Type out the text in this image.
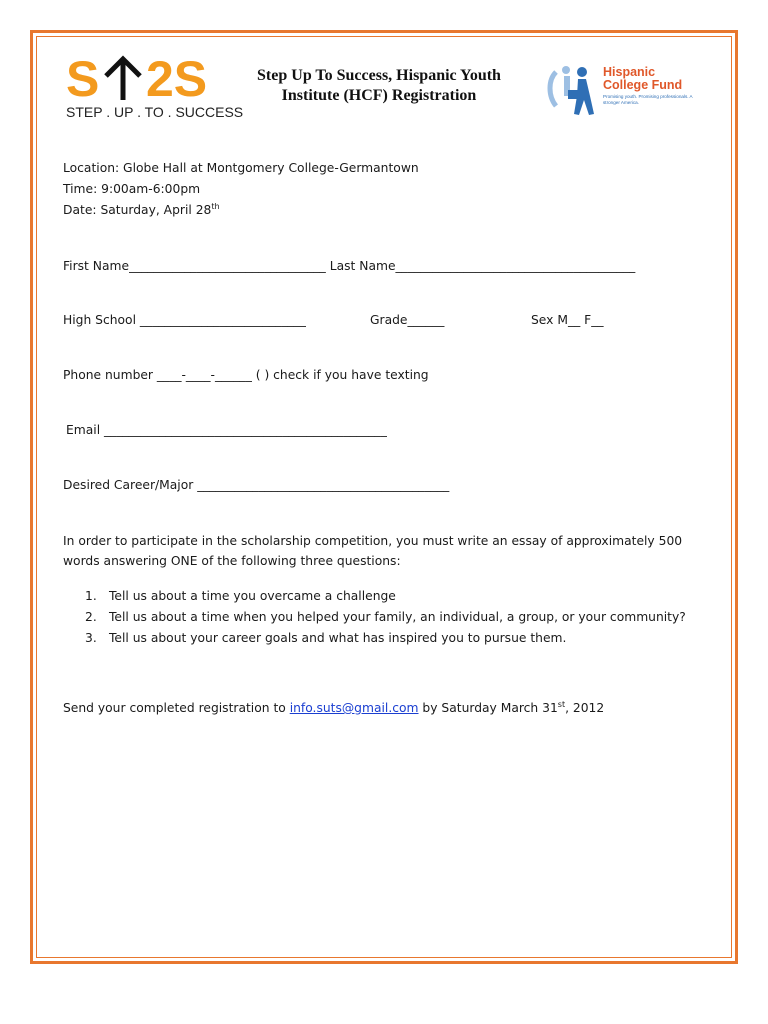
S 2S
STEP . UP . TO . SUCCESS
Step Up To Success, Hispanic Youth
Institute (HCF) Registration
Hispanic
College Fund
Promising youth. Promising professionals. A stronger America.
Location: Globe Hall at Montgomery College-Germantown
Time: 9:00am-6:00pm
Date: Saturday, April 28th
First Name________________________________ Last Name_______________________________________
High School ___________________________	Grade______	Sex M__ F__
Phone number ____-____-______ ( ) check if you have texting
Email ______________________________________________
Desired Career/Major _________________________________________
In order to participate in the scholarship competition, you must write an essay of approximately 500
words answering ONE of the following three questions:
1. Tell us about a time you overcame a challenge
2. Tell us about a time when you helped your family, an individual, a group, or your community?
3. Tell us about your career goals and what has inspired you to pursue them.
Send your completed registration to info.suts@gmail.com by Saturday March 31st, 2012
